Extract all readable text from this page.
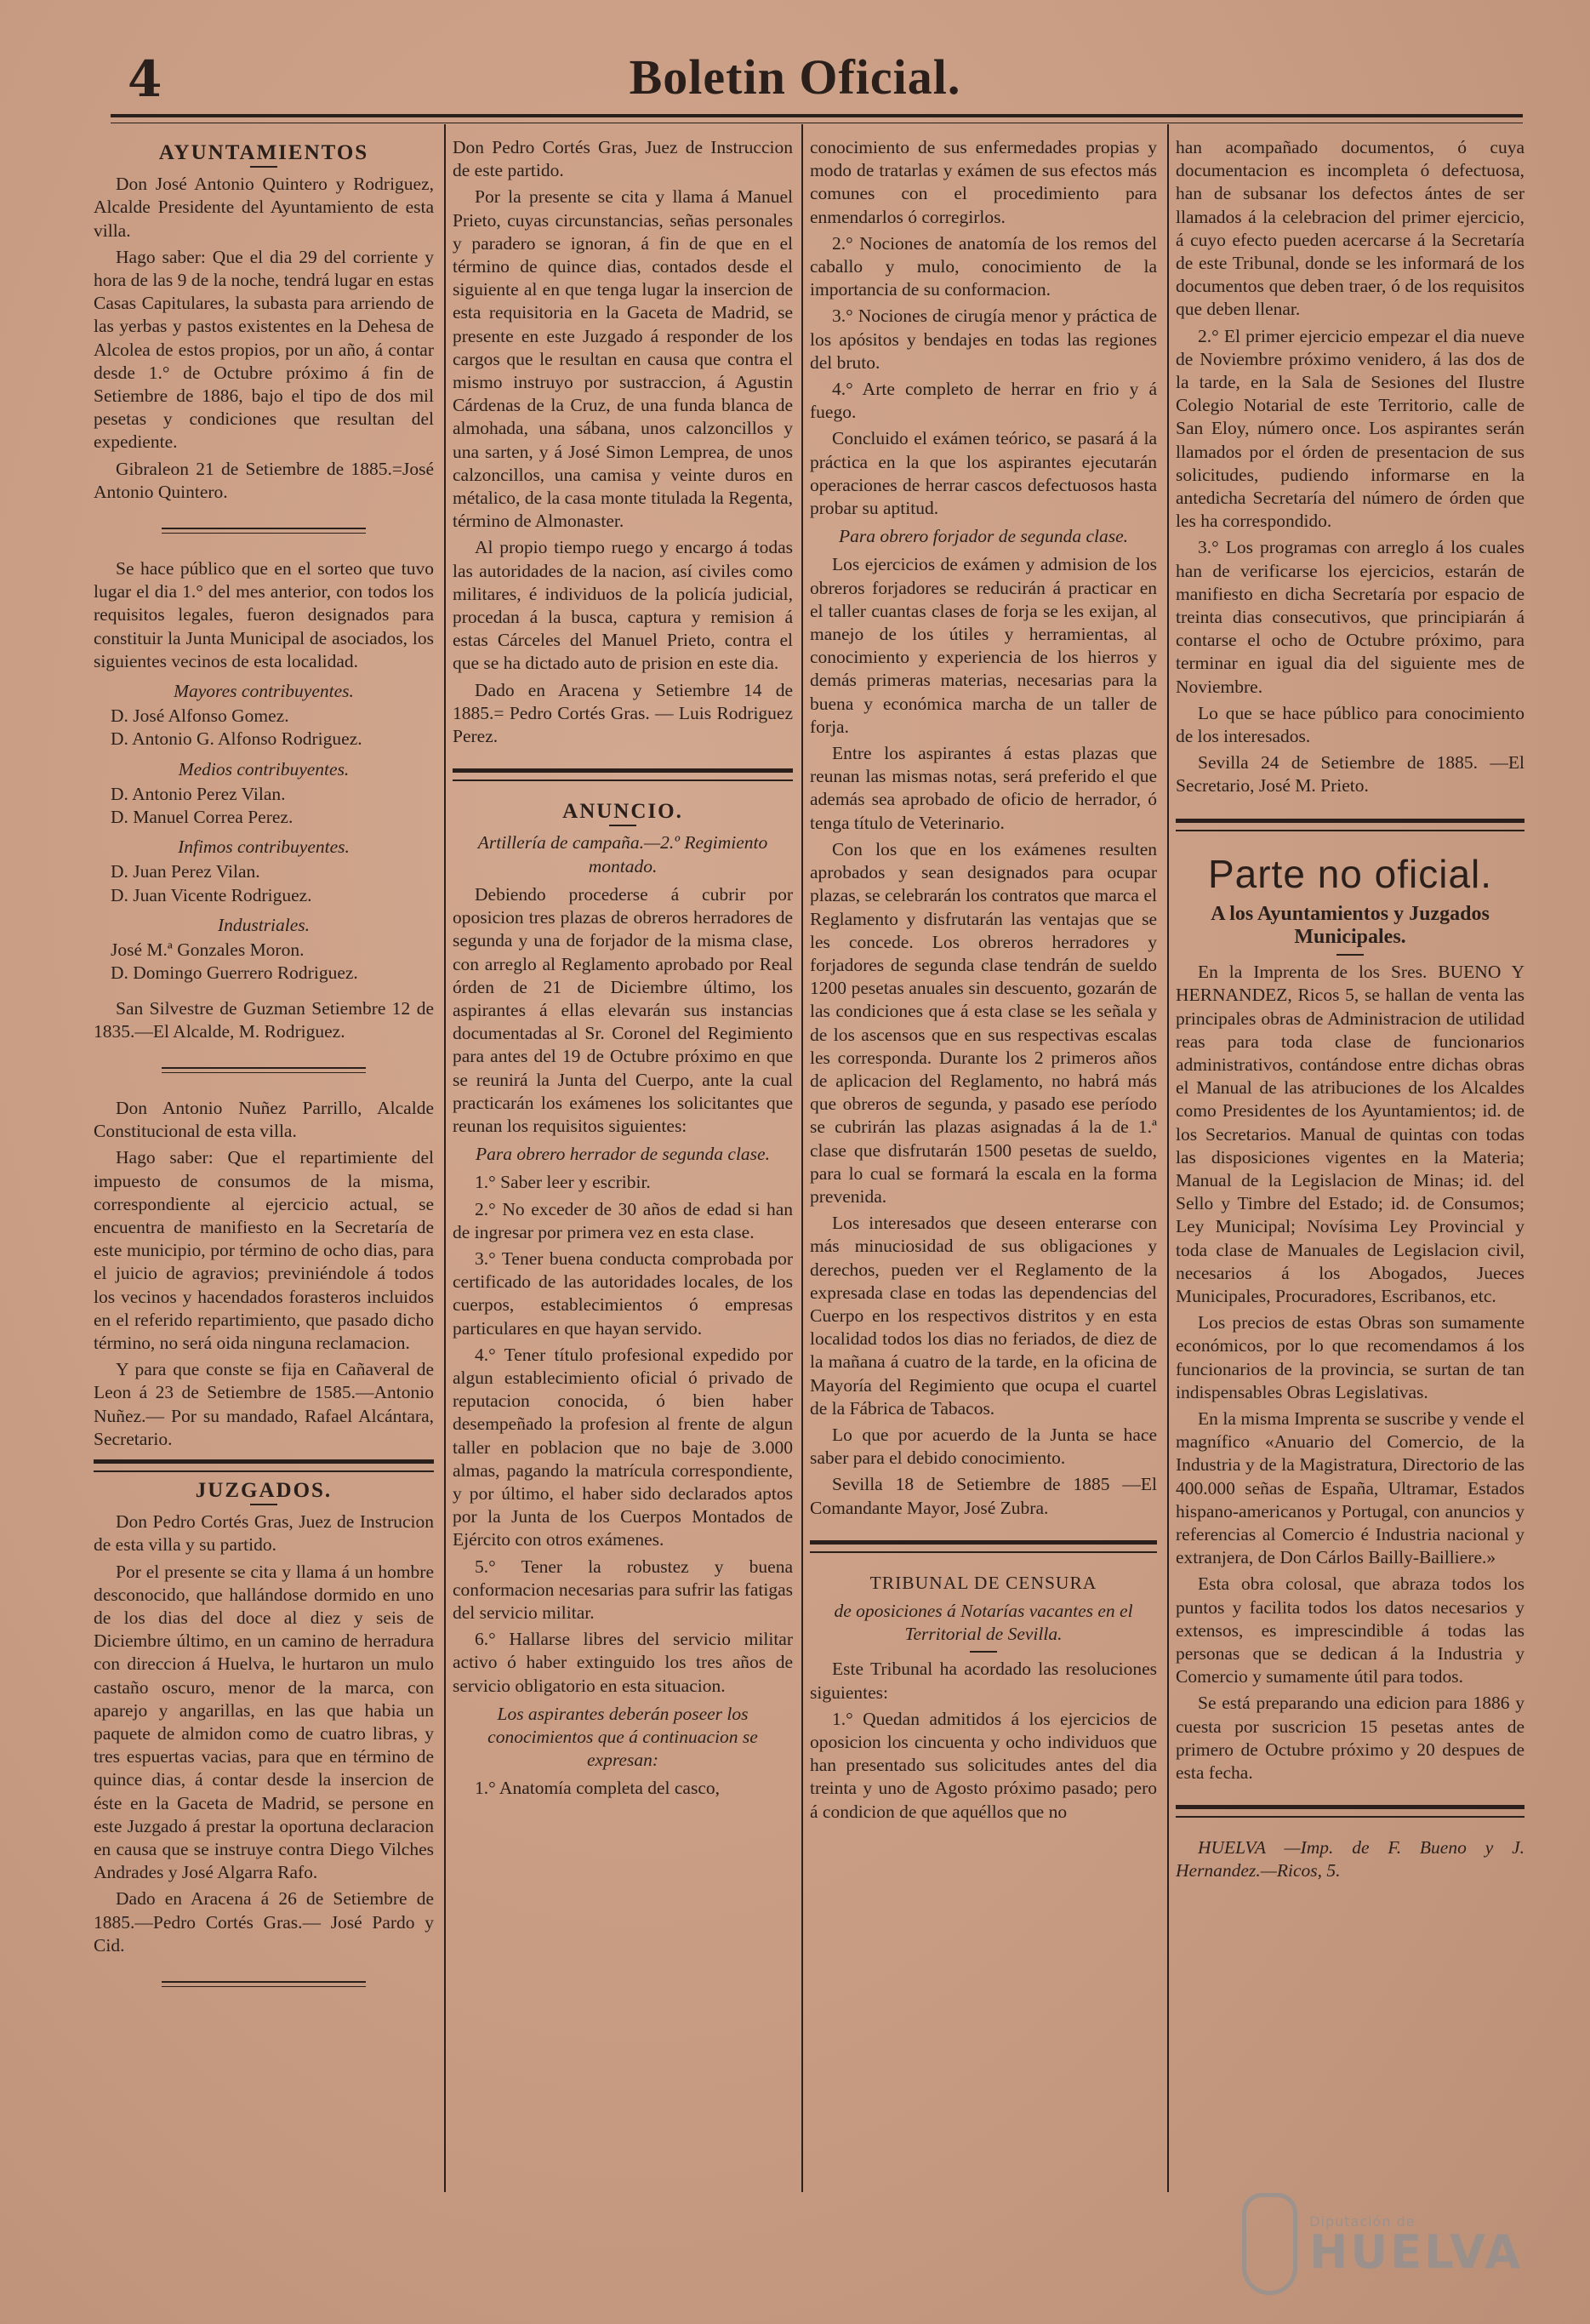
4	Boletin Oficial.
AYUNTAMIENTOS

Don José Antonio Quintero y Rodriguez, Alcalde Presidente del Ayuntamiento de esta villa.

Hago saber: Que el dia 29 del corriente y hora de las 9 de la noche, tendrá lugar en estas Casas Capitulares, la subasta para arriendo de las yerbas y pastos existentes en la Dehesa de Alcolea de estos propios, por un año, á contar desde 1.° de Octubre próximo á fin de Setiembre de 1886, bajo el tipo de dos mil pesetas y condiciones que resultan del expediente.

Gibraleon 21 de Setiembre de 1885.=José Antonio Quintero.

Se hace público que en el sorteo que tuvo lugar el dia 1.° del mes anterior, con todos los requisitos legales, fueron designados para constituir la Junta Municipal de asociados, los siguientes vecinos de esta localidad.

Mayores contribuyentes.
D. José Alfonso Gomez.
D. Antonio G. Alfonso Rodriguez.
Medios contribuyentes.
D. Antonio Perez Vilan.
D. Manuel Correa Perez.
Infimos contribuyentes.
D. Juan Perez Vilan.
D. Juan Vicente Rodriguez.
Industriales.
José M.ª Gonzales Moron.
D. Domingo Guerrero Rodriguez.

San Silvestre de Guzman Setiembre 12 de 1835.—El Alcalde, M. Rodriguez.

Don Antonio Nuñez Parrillo, Alcalde Constitucional de esta villa.

Hago saber: Que el repartimiente del impuesto de consumos de la misma, correspondiente al ejercicio actual, se encuentra de manifiesto en la Secretaría de este municipio, por término de ocho dias, para el juicio de agravios; previniéndole á todos los vecinos y hacendados forasteros incluidos en el referido repartimiento, que pasado dicho término, no será oida ninguna reclamacion.

Y para que conste se fija en Cañaveral de Leon á 23 de Setiembre de 1585.—Antonio Nuñez.— Por su mandado, Rafael Alcántara, Secretario.

JUZGADOS.

Don Pedro Cortés Gras, Juez de Instrucion de esta villa y su partido.

Por el presente se cita y llama á un hombre desconocido, que hallándose dormido en uno de los dias del doce al diez y seis de Diciembre último, en un camino de herradura con direccion á Huelva, le hurtaron un mulo castaño oscuro, menor de la marca, con aparejo y angarillas, en las que habia un paquete de almidon como de cuatro libras, y tres espuertas vacias, para que en término de quince dias, á contar desde la insercion de éste en la Gaceta de Madrid, se persone en este Juzgado á prestar la oportuna declaracion en causa que se instruye contra Diego Vilches Andrades y José Algarra Rafo.

Dado en Aracena á 26 de Setiembre de 1885.—Pedro Cortés Gras.— José Pardo y Cid.

Don Pedro Cortés Gras, Juez de Instruccion de este partido.

Por la presente se cita y llama á Manuel Prieto, cuyas circunstancias, señas personales y paradero se ignoran, á fin de que en el término de quince dias, contados desde el siguiente al en que tenga lugar la insercion de esta requisitoria en la Gaceta de Madrid, se presente en este Juzgado á responder de los cargos que le resultan en causa que contra el mismo instruyo por sustraccion, á Agustin Cárdenas de la Cruz, de una funda blanca de almohada, una sábana, unos calzoncillos y una sarten, y á José Simon Lemprea, de unos calzoncillos, una camisa y veinte duros en métalico, de la casa monte titulada la Regenta, término de Almonaster.

Al propio tiempo ruego y encargo á todas las autoridades de la nacion, así civiles como militares, é individuos de la policía judicial, procedan á la busca, captura y remision á estas Cárceles del Manuel Prieto, contra el que se ha dictado auto de prision en este dia.

Dado en Aracena y Setiembre 14 de 1885.= Pedro Cortés Gras. — Luis Rodriguez Perez.

ANUNCIO.
Artillería de campaña.—2.º Regimiento montado.

Debiendo procederse á cubrir por oposicion tres plazas de obreros herradores de segunda y una de forjador de la misma clase, con arreglo al Reglamento aprobado por Real órden de 21 de Diciembre último, los aspirantes á ellas elevarán sus instancias documentadas al Sr. Coronel del Regimiento para antes del 19 de Octubre próximo en que se reunirá la Junta del Cuerpo, ante la cual practicarán los exámenes los solicitantes que reunan los requisitos siguientes:

Para obrero herrador de segunda clase.

1.° Saber leer y escribir.

2.° No exceder de 30 años de edad si han de ingresar por primera vez en esta clase.

3.° Tener buena conducta comprobada por certificado de las autoridades locales, de los cuerpos, establecimientos ó empresas particulares en que hayan servido.

4.° Tener título profesional expedido por algun establecimiento oficial ó privado de reputacion conocida, ó bien haber desempeñado la profesion al frente de algun taller en poblacion que no baje de 3.000 almas, pagando la matrícula correspondiente, y por último, el haber sido declarados aptos por la Junta de los Cuerpos Montados de Ejército con otros exámenes.

5.° Tener la robustez y buena conformacion necesarias para sufrir las fatigas del servicio militar.

6.° Hallarse libres del servicio militar activo ó haber extinguido los tres años de servicio obligatorio en esta situacion.

Los aspirantes deberán poseer los conocimientos que á continuacion se expresan:

1.° Anatomía completa del casco,

conocimiento de sus enfermedades propias y modo de tratarlas y exámen de sus efectos más comunes con el procedimiento para enmendarlos ó corregirlos.

2.° Nociones de anatomía de los remos del caballo y mulo, conocimiento de la importancia de su conformacion.

3.° Nociones de cirugía menor y práctica de los apósitos y bendajes en todas las regiones del bruto.

4.° Arte completo de herrar en frio y á fuego.

Concluido el exámen teórico, se pasará á la práctica en la que los aspirantes ejecutarán operaciones de herrar cascos defectuosos hasta probar su aptitud.

Para obrero forjador de segunda clase.

Los ejercicios de exámen y admision de los obreros forjadores se reducirán á practicar en el taller cuantas clases de forja se les exijan, al manejo de los útiles y herramientas, al conocimiento y experiencia de los hierros y demás primeras materias, necesarias para la buena y económica marcha de un taller de forja.

Entre los aspirantes á estas plazas que reunan las mismas notas, será preferido el que además sea aprobado de oficio de herrador, ó tenga título de Veterinario.

Con los que en los exámenes resulten aprobados y sean designados para ocupar plazas, se celebrarán los contratos que marca el Reglamento y disfrutarán las ventajas que se les concede. Los obreros herradores y forjadores de segunda clase tendrán de sueldo 1200 pesetas anuales sin descuento, gozarán de las condiciones que á esta clase se les señala y de los ascensos que en sus respectivas escalas les corresponda. Durante los 2 primeros años de aplicacion del Reglamento, no habrá más que obreros de segunda, y pasado ese período se cubrirán las plazas asignadas á la de 1.ª clase que disfrutarán 1500 pesetas de sueldo, para lo cual se formará la escala en la forma prevenida.

Los interesados que deseen enterarse con más minuciosidad de sus obligaciones y derechos, pueden ver el Reglamento de la expresada clase en todas las dependencias del Cuerpo en los respectivos distritos y en esta localidad todos los dias no feriados, de diez de la mañana á cuatro de la tarde, en la oficina de Mayoría del Regimiento que ocupa el cuartel de la Fábrica de Tabacos.

Lo que por acuerdo de la Junta se hace saber para el debido conocimiento.

Sevilla 18 de Setiembre de 1885 —El Comandante Mayor, José Zubra.

TRIBUNAL DE CENSURA
de oposiciones á Notarías vacantes en el Territorial de Sevilla.

Este Tribunal ha acordado las resoluciones siguientes:

1.° Quedan admitidos á los ejercicios de oposicion los cincuenta y ocho individuos que han presentado sus solicitudes antes del dia treinta y uno de Agosto próximo pasado; pero á condicion de que aquéllos que no

han acompañado documentos, ó cuya documentacion es incompleta ó defectuosa, han de subsanar los defectos ántes de ser llamados á la celebracion del primer ejercicio, á cuyo efecto pueden acercarse á la Secretaría de este Tribunal, donde se les informará de los documentos que deben traer, ó de los requisitos que deben llenar.

2.° El primer ejercicio empezar el dia nueve de Noviembre próximo venidero, á las dos de la tarde, en la Sala de Sesiones del Ilustre Colegio Notarial de este Territorio, calle de San Eloy, número once. Los aspirantes serán llamados por el órden de presentacion de sus solicitudes, pudiendo informarse en la antedicha Secretaría del número de órden que les ha correspondido.

3.° Los programas con arreglo á los cuales han de verificarse los ejercicios, estarán de manifiesto en dicha Secretaría por espacio de treinta dias consecutivos, que principiarán á contarse el ocho de Octubre próximo, para terminar en igual dia del siguiente mes de Noviembre.

Lo que se hace público para conocimiento de los interesados.

Sevilla 24 de Setiembre de 1885. —El Secretario, José M. Prieto.

Parte no oficial.
A los Ayuntamientos y Juzgados Municipales.

En la Imprenta de los Sres. BUENO Y HERNANDEZ, Ricos 5, se hallan de venta las principales obras de Administracion de utilidad reas para toda clase de funcionarios administrativos, contándose entre dichas obras el Manual de las atribuciones de los Alcaldes como Presidentes de los Ayuntamientos; id. de los Secretarios. Manual de quintas con todas las disposiciones vigentes en la Materia; Manual de la Legislacion de Minas; id. del Sello y Timbre del Estado; id. de Consumos; Ley Municipal; Novísima Ley Provincial y toda clase de Manuales de Legislacion civil, necesarios á los Abogados, Jueces Municipales, Procuradores, Escribanos, etc.

Los precios de estas Obras son sumamente económicos, por lo que recomendamos á los funcionarios de la provincia, se surtan de tan indispensables Obras Legislativas.

En la misma Imprenta se suscribe y vende el magnífico «Anuario del Comercio, de la Industria y de la Magistratura, Directorio de las 400.000 señas de España, Ultramar, Estados hispano-americanos y Portugal, con anuncios y referencias al Comercio é Industria nacional y extranjera, de Don Cárlos Bailly-Bailliere.»

Esta obra colosal, que abraza todos los puntos y facilita todos los datos necesarios y extensos, es imprescindible á todas las personas que se dedican á la Industria y Comercio y sumamente útil para todos.

Se está preparando una edicion para 1886 y cuesta por suscricion 15 pesetas antes de primero de Octubre próximo y 20 despues de esta fecha.

HUELVA —Imp. de F. Bueno y J. Hernandez.—Ricos, 5.

Diputación de
HUELVA
